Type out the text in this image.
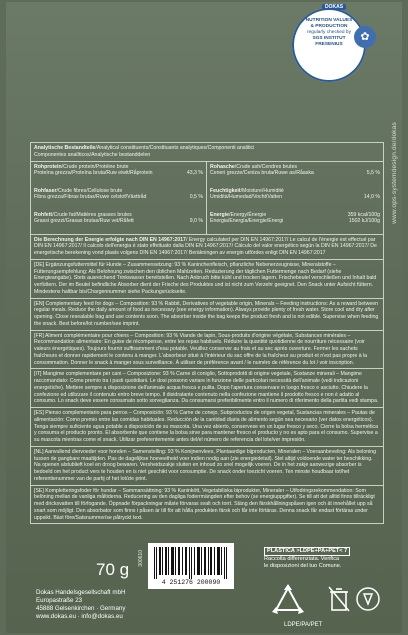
NUTRITION VALUES
& PRODUCTION
regularly checked by
SGS INSTITUT
FRESENIUS
DOKAS
✿
www.ops-systemdesign.de/dokas
Analytische Bestandteile/Analytical constituents/Constituants analytiques/Componenti analitici
Componentes analíticos/Analytische bestanddelen
Rohprotein/Crude protein/Protéine brute
Proteína grezza/Proteína bruta/Ruw eiwit/Råprotein	43,3 %
Rohasche/Crude ash/Cendres brutes
Ceneri grezze/Ceniza bruta/Ruwe as/Råaska	5,5 %
Rohfaser/Crude fibres/Cellulose brute
Fibra grezza/Fibras brutas/Ruwe celstof/Växttråd	0,5 %
Feuchtigkeit/Moisture/Humidité
Umidità/Humedad/Vocht/Vatten	14,0 %
Rohfett/Crude fat/Matières grasses brutes
Grassi grezzi/Grasas brutas/Ruw vet/Råfett	9,0 %
Energie/Energy/Énergie	359 kcal/100g
Energia/Energía/Energie/Energi	1502 kJ/100g
Die Berechnung der Energie erfolgte nach DIN EN 14967:2017/ Energy calculated per DIN EN 14967:2017/ Le calcul de l'énergie est effectué par DIN EN 14967:2017/ Il calcolo dell'energia è stato effettuato dalla DIN EN 14967:2017/ Cálculo del valor energético según la DIN EN 14967:2017/ De energetische berekening vond plaats volgens DIN EN 14967:2017/ Beräkningen av energin utfördes enligt DIN EN 14967:2017
[DE] Ergänzungsfuttermittel für Hunde – Zusammensetzung: 93 % Kaninchenfleisch, pflanzliche Nebenerzeugnisse, Mineralstoffe – Fütterungsempfehlung: Als Belohnung zwischen den üblichen Mahlzeiten. Reduzierung der täglichen Futtermenge nach Bedarf (siehe Energieangabe). Stets ausreichend Trinkwasser bereitstellen. Nach Anbruch bitte kühl und trocken lagern. Frischebeutel verschließen und Inhalt bald verfüttern. Der im Beutel befindliche Absorber dient der Frische des Produktes und ist nicht zum Verzehr geeignet. Den Snack unter Aufsicht füttern. Mindestens haltbar bis/Chargennummer siehe Packungsrückseite.
[EN] Complementary feed for dogs – Composition: 93 % Rabbit, Derivatives of vegetable origin, Minerals – Feeding instructions: As a reward between regular meals. Reduce the daily amount of food as necessary (see energy information). Always provide plenty of fresh water. Store cool and dry after opening. Close resealable bag and use contents soon. The absorber inside the bag keeps the product fresh and is not edible. Supervise when feeding the snack. Best before/lot number/see imprint.
[FR] Aliment complémentaire pour chiens – Composition: 93 % Viande de lapin, Sous-produits d'origine végétale, Substances minérales – Recommandation alimentaire: En guise de récompense, entre les repas habituels. Réduire la quantité quotidienne de nourriture nécessaire (voir valeurs énergétiques). Toujours fournir suffisamment d'eau potable. Veuillez conserver au frais et au sec après ouverture. Fermer les sachets fraîcheurs et donner rapidement le contenu à manger. L'absorbeur situé à l'intérieur du sac offre de la fraîcheur au produit et n'est pas propre à la consommation. Donner le snack à manger sous surveillance. À utiliser de préférence avant / le numéro de référence du lot / voir inscription.
[IT] Mangime complementare per cani – Composizione: 93 % Carne di coniglio, Sottoprodotti di origine vegetale, Sostanze minerali – Mangime raccomandato: Come premio tra i pasti quotidiani. Le dosi possono variare in funzione delle particolari necessità dell'animale (vedi indicazioni energetiche). Mettere sempre a disposizione dell'animale acqua fresca e pulita. Dopo l'apertura conservare in luogo fresco e asciutto. Chiudere la confezione ed utilizzare il contenuto entro breve tempo. Il disidratante contenuto nella confezione mantiene il prodotto fresco e non è adatto al consumo. Lo snack deve essere consumato sotto sorveglianza. Da consumarsi preferibilmente entro il numero di riferimento della partita vedi stampa.
[ES] Pienso complementario para perros – Composición: 93 % Carne de conejo, Subproductos de origen vegetal, Sustancias minerales – Pautas de alimentación: Como premio entre las comidas habituales. Reducción de la cantidad diaria de alimento según sea necesario (ver datos energéticos). Tenga siempre suficiente agua potable a disposición de su mascota. Una vez abierto, conservese en un lugar fresco y seco. Cierre la bolsa hermética y consuma el producto pronto. El absorbente que contiene la bolsa sirve para mantener fresco el producto y no es apto para el consumo. Supervise a su mascota mientras come el snack. Utilizar preferentemente antes del/el número de referencia del lote/ver impresión.
[NL] Aanvullend diervoeder voor honden – Samenstelling: 93 % Konijnenvlees, Plantaardige bijproducten, Mineralen – Voeraanbeveling: Als beloning tussen de gangbare maaltijden. Pas de dagelijkse hoeveelheid voer indien nodig aan (zie energiedetail). Stel altijd voldoende water ter beschikking. Na openen alstublieft koel en droog bewaren. Versheidszakje sluiten en inhoud zo snel mogelijk voeren. De in het zakje aanwezige absorber is bedoeld om het product vers te houden en is niet geschikt voor consumptie. De snack onder toezicht voeren. Ten minste houdbaar tot/het referentienummer van de partij of het lot/zie print.
[SE] Kompletteringsfoder för hundar – Sammansättning: 93 % Kaninkött, Vegetabiliska biprodukter, Mineraler – Utfodringsrekommendation: Som belöning mellan de vanliga måltiderna. Reducering av den dagliga foderrmängden efter behov (se energiuppgifter). Se till att det alltid finns tillräckligt med dricksvatten till förfogande. Öppnade förpackningar måste förvaras svalt och torrt. Stäng den färskhållningspåsen igen och ät innehållet upp så snart som möjligt. Den absorbator som finns i påsen är till för att hålla produkten färsk och får inte förtäras. Denna snack får endast förtäras under uppsikt. Bäst före/Satsnummer/se påtryckt text.
70 g
300610
4 251276 200090
PLASTICA >LDPE+PA+PET< 7
Raccolta differenziata. Verifica
le disposizioni del tuo Comune.
LDPE/PA/PET
Dokas Handelsgesellschaft mbH
Europastraße 23
45888 Gelsenkirchen · Germany
www.dokas.eu · info@dokas.eu
